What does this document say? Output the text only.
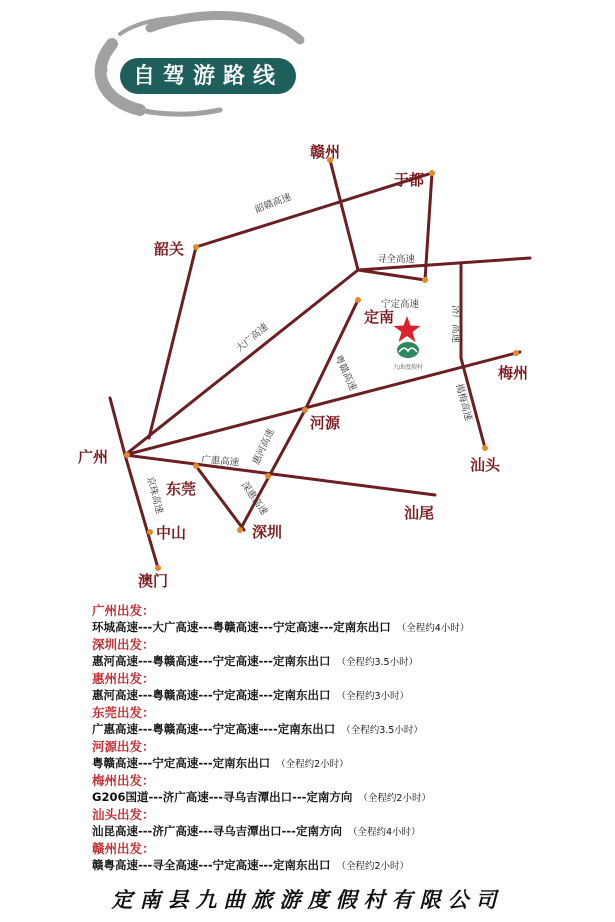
九曲度假村
韶赣高速
寻全高速
宁定高速
大广高速	济广高速
粤赣高速
揭梅高速
惠河高速
广惠高速
京珠高速	深惠高速
赣州
于都
韶关
定南
梅州
广州
河源
汕头
东莞
汕尾
中山	深圳
澳门
自驾游路线
广州出发：
环城高速---大广高速---粤赣高速---宁定高速---定南东出口 （全程约4小时）
深圳出发：
惠河高速---粤赣高速---宁定高速---定南东出口 （全程约3.5小时）
惠州出发：
惠河高速---粤赣高速---宁定高速---定南东出口 （全程约3小时）
东莞出发：
广惠高速---粤赣高速---宁定高速----定南东出口 （全程约3.5小时）
河源出发：
粤赣高速---宁定高速---定南东出口 （全程约2小时）
梅州出发：
G206国道---济广高速---寻乌吉潭出口---定南方向 （全程约2小时）
汕头出发：
汕昆高速---济广高速---寻乌吉潭出口---定南方向 （全程约4小时）
赣州出发：
赣粤高速---寻全高速---宁定高速---定南东出口 （全程约2小时）
定南县九曲旅游度假村有限公司
